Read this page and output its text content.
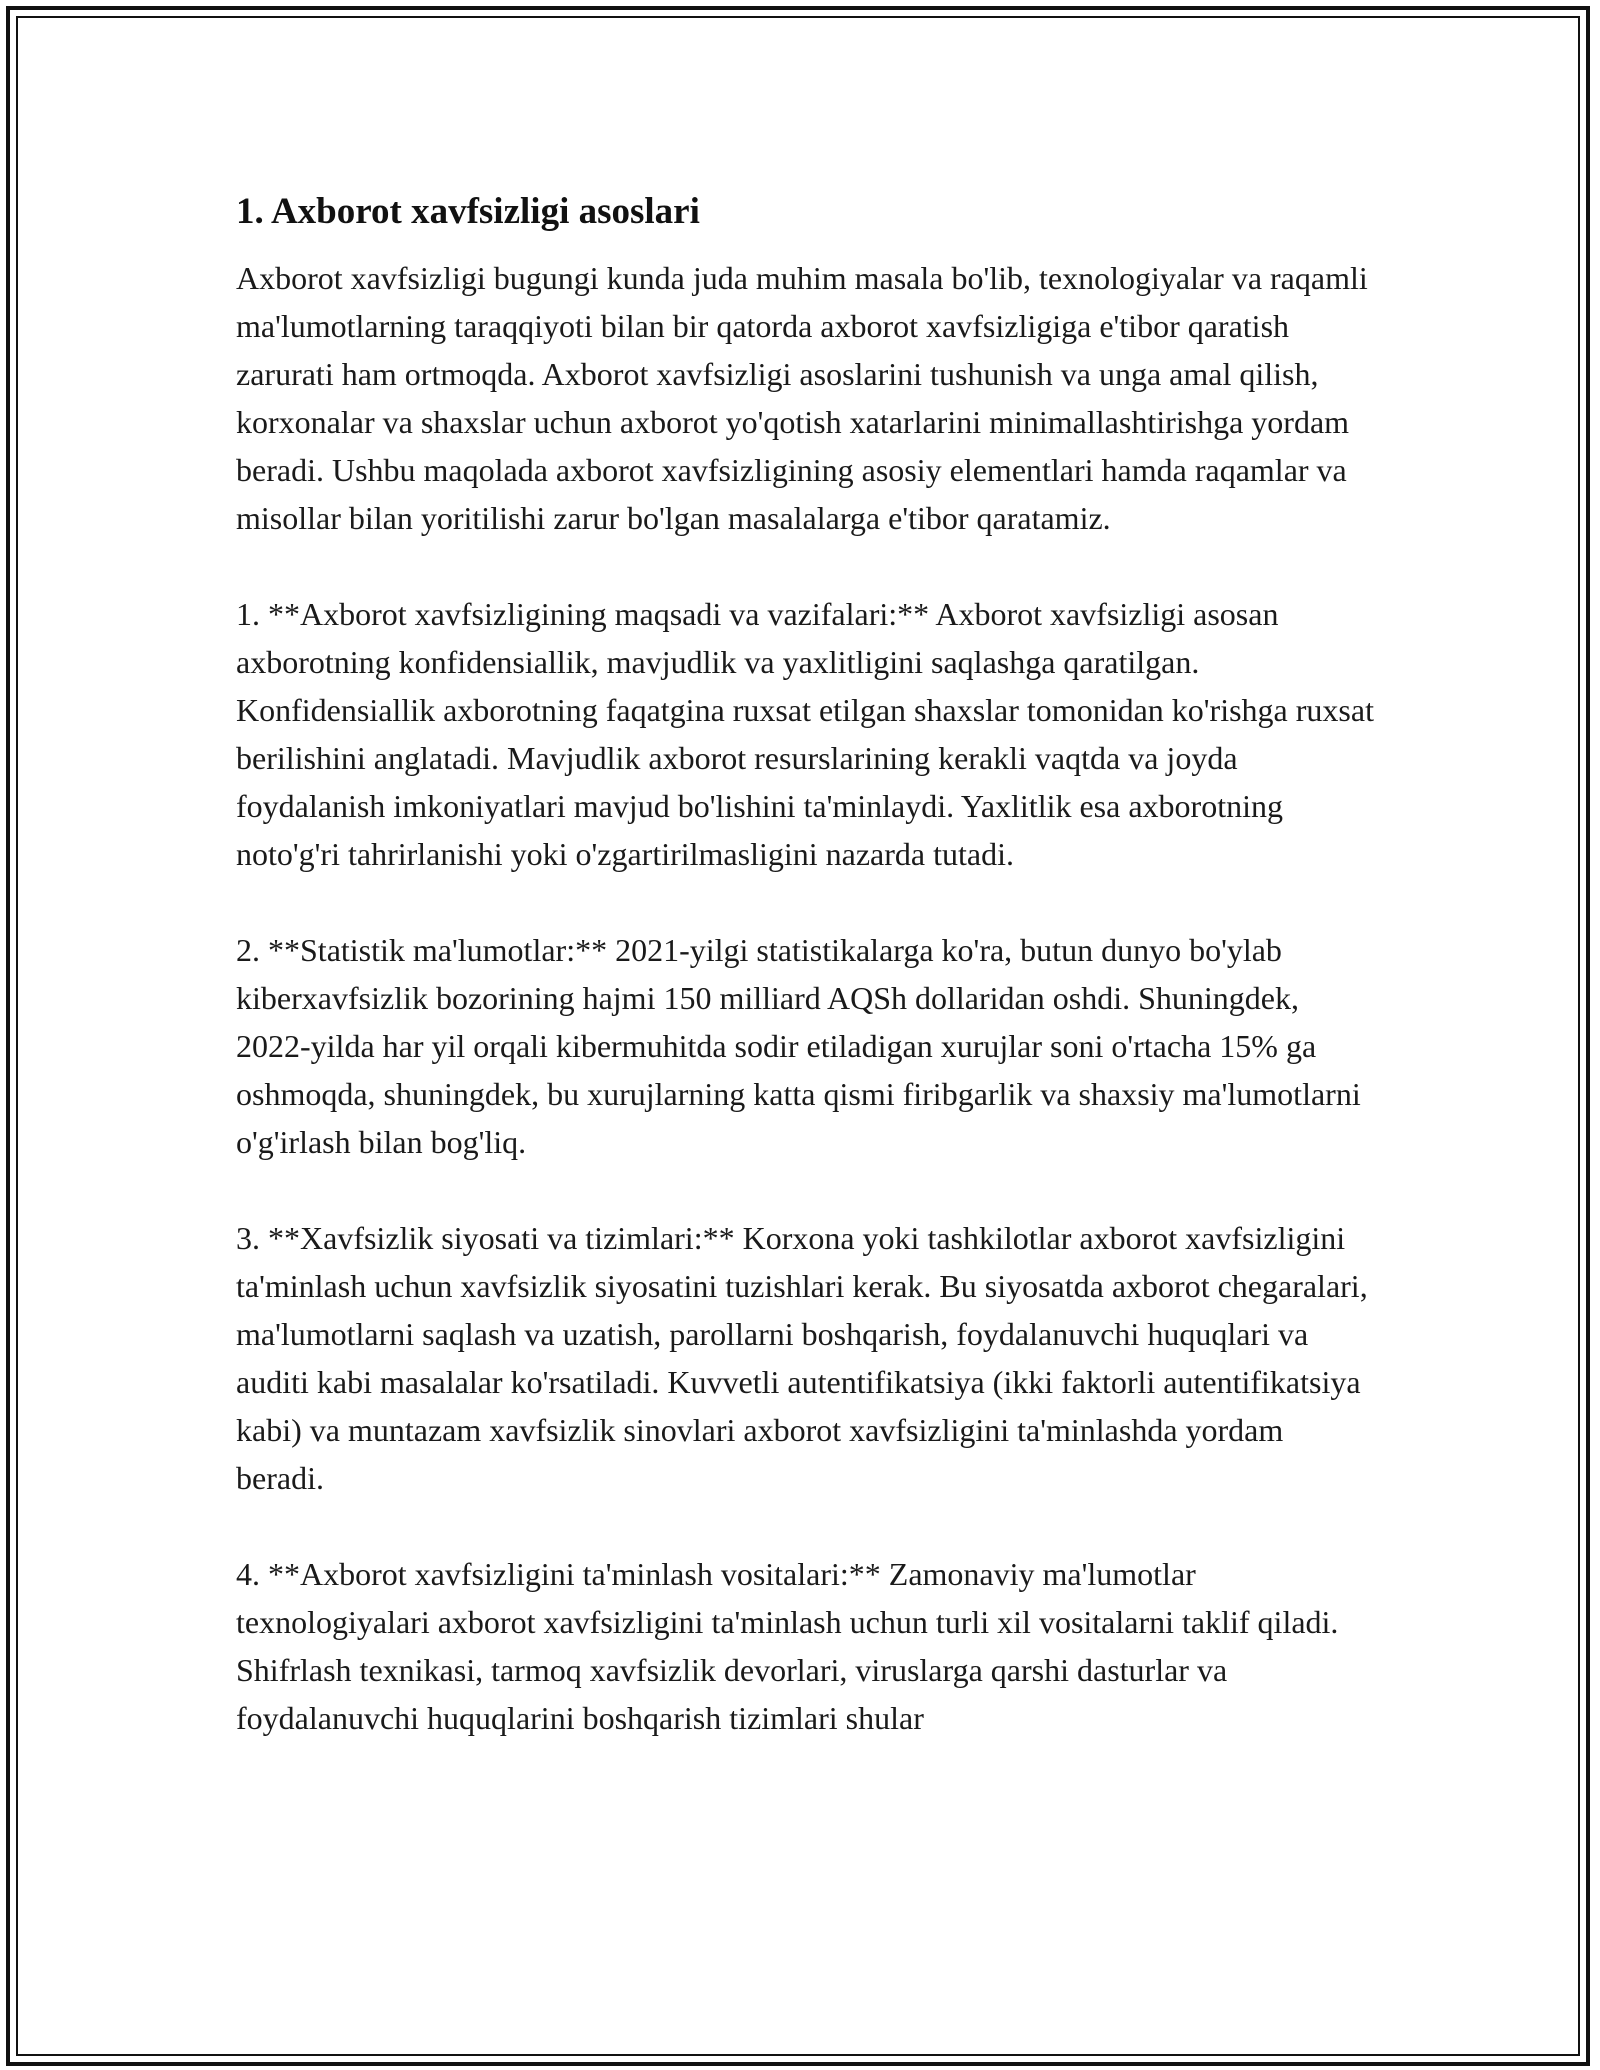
1. Axborot xavfsizligi asoslari

Axborot xavfsizligi bugungi kunda juda muhim masala bo'lib, texnologiyalar va raqamli ma'lumotlarning taraqqiyoti bilan bir qatorda axborot xavfsizligiga e'tibor qaratish zarurati ham ortmoqda. Axborot xavfsizligi asoslarini tushunish va unga amal qilish, korxonalar va shaxslar uchun axborot yo'qotish xatarlarini minimallashtirishga yordam beradi. Ushbu maqolada axborot xavfsizligining asosiy elementlari hamda raqamlar va misollar bilan yoritilishi zarur bo'lgan masalalarga e'tibor qaratamiz.

1. **Axborot xavfsizligining maqsadi va vazifalari:** Axborot xavfsizligi asosan axborotning konfidensiallik, mavjudlik va yaxlitligini saqlashga qaratilgan. Konfidensiallik axborotning faqatgina ruxsat etilgan shaxslar tomonidan ko'rishga ruxsat berilishini anglatadi. Mavjudlik axborot resurslarining kerakli vaqtda va joyda foydalanish imkoniyatlari mavjud bo'lishini ta'minlaydi. Yaxlitlik esa axborotning noto'g'ri tahrirlanishi yoki o'zgartirilmasligini nazarda tutadi.

2. **Statistik ma'lumotlar:** 2021-yilgi statistikalarga ko'ra, butun dunyo bo'ylab kiberxavfsizlik bozorining hajmi 150 milliard AQSh dollaridan oshdi. Shuningdek, 2022-yilda har yil orqali kibermuhitda sodir etiladigan xurujlar soni o'rtacha 15% ga oshmoqda, shuningdek, bu xurujlarning katta qismi firibgarlik va shaxsiy ma'lumotlarni o'g'irlash bilan bog'liq.

3. **Xavfsizlik siyosati va tizimlari:** Korxona yoki tashkilotlar axborot xavfsizligini ta'minlash uchun xavfsizlik siyosatini tuzishlari kerak. Bu siyosatda axborot chegaralari, ma'lumotlarni saqlash va uzatish, parollarni boshqarish, foydalanuvchi huquqlari va auditi kabi masalalar ko'rsatiladi. Kuvvetli autentifikatsiya (ikki faktorli autentifikatsiya kabi) va muntazam xavfsizlik sinovlari axborot xavfsizligini ta'minlashda yordam beradi.

4. **Axborot xavfsizligini ta'minlash vositalari:** Zamonaviy ma'lumotlar texnologiyalari axborot xavfsizligini ta'minlash uchun turli xil vositalarni taklif qiladi. Shifrlash texnikasi, tarmoq xavfsizlik devorlari, viruslarga qarshi dasturlar va foydalanuvchi huquqlarini boshqarish tizimlari shular
